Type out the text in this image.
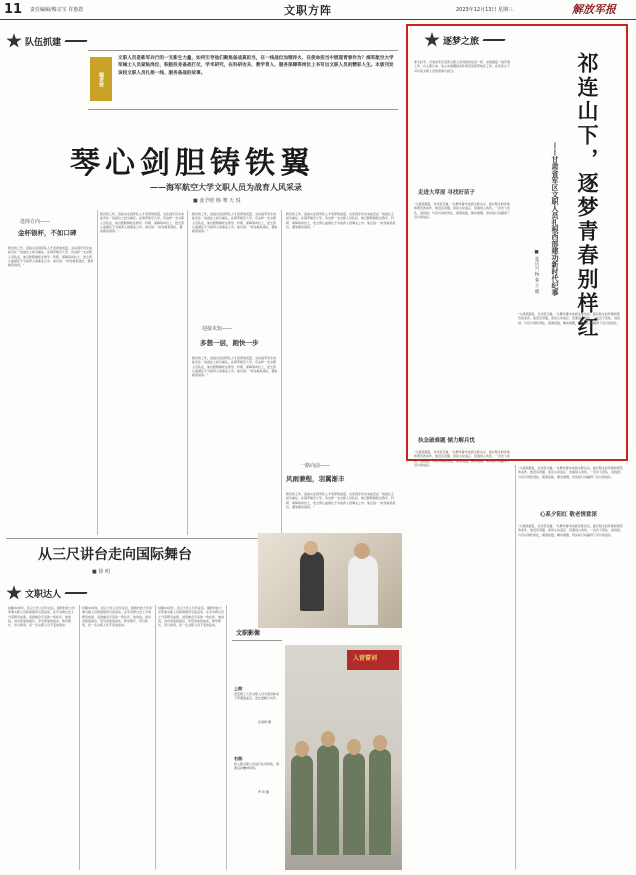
11 责任编辑/蔡宗宝 许惠恩	文职方阵	2023年12月13日 星期三	解放军报
队伍抓建
编者按
文职人员是新军兵行的一支新生力量，如何引导他们聚焦备战真担当，在一线战位加钢淬火、在使命担当中展现青春作为？海军航空大学军械士人员紧贴岗位，积极投身备战打仗、学术研究，在科研攻关、教学育人、服务保障等岗位上书写出文职人员的精彩人生。本版刊发该校文职人员扎根一线、服务备战的故事。
琴心剑胆铸铁翼
——海军航空大学文职人员为战育人风采录
■ 姜予晗 杨 骞 天 悦
选择方向——
金杯银杯，不如口碑
教员的工作，直接关系到军队人才培养的质量，关系到学员未来能否在一线战位上担当重任。在海军航空大学，有这样一支文职人员队伍，他们默默耕耘在教学、科研、保障等岗位上，把全部心血倾注于为战育人的事业之中。他们说："讲台就是战位，课堂就是战场。"
教员的工作，直接关系到军队人才培养的质量，关系到学员未来能否在一线战位上担当重任。在海军航空大学，有这样一支文职人员队伍，他们默默耕耘在教学、科研、保障等岗位上，把全部心血倾注于为战育人的事业之中。他们说："讲台就是战位，课堂就是战场。"
教员的工作，直接关系到军队人才培养的质量，关系到学员未来能否在一线战位上担当重任。在海军航空大学，有这样一支文职人员队伍，他们默默耕耘在教学、科研、保障等岗位上，把全部心血倾注于为战育人的事业之中。他们说："讲台就是战位，课堂就是战场。"
迎接未知——
多想一层，跑快一步
教员的工作，直接关系到军队人才培养的质量，关系到学员未来能否在一线战位上担当重任。在海军航空大学，有这样一支文职人员队伍，他们默默耕耘在教学、科研、保障等岗位上，把全部心血倾注于为战育人的事业之中。他们说："讲台就是战位，课堂就是战场。"
教员的工作，直接关系到军队人才培养的质量，关系到学员未来能否在一线战位上担当重任。在海军航空大学，有这样一支文职人员队伍，他们默默耕耘在教学、科研、保障等岗位上，把全部心血倾注于为战育人的事业之中。他们说："讲台就是战位，课堂就是战场。"
一路向前——
风雨兼程，羽翼渐丰
教员的工作，直接关系到军队人才培养的质量，关系到学员未来能否在一线战位上担当重任。在海军航空大学，有这样一支文职人员队伍，他们默默耕耘在教学、科研、保障等岗位上，把全部心血倾注于为战育人的事业之中。他们说："讲台就是战位，课堂就是战场。"
从三尺讲台走向国际舞台
■ 徐 明
文职达人
时隔30余年，武汉大学人员毕业后，国防科技大学军事文职人员积极组织交流活动，在学术研讨会上分享研究成果，受到参会专家的一致好评。他常说，讲台是他的战位，学员是他的战友，教学相长、学以致用，是一名文职人员不变的追求。
时隔30余年，武汉大学人员毕业后，国防科技大学军事文职人员积极组织交流活动，在学术研讨会上分享研究成果，受到参会专家的一致好评。他常说，讲台是他的战位，学员是他的战友，教学相长、学以致用，是一名文职人员不变的追求。
时隔30余年，武汉大学人员毕业后，国防科技大学军事文职人员积极组织交流活动，在学术研讨会上分享研究成果，受到参会专家的一致好评。他常说，讲台是他的战位，学员是他的战友，教学相长、学以致用，是一名文职人员不变的追求。
文职影像
上图：
西安理工大学文职人员为离退休老干部测量血压，送去温暖与关怀。
张胡绣 摄
右图：
新入职文职人员进行队列训练，展现良好精神风貌。
罗 阿 摄
入营誓词
逐梦之旅
寒冬时节，甘肃省军区某部文职人员刘某如往常一样，来到基层一线开展工作。自入职以来，他主动请缨到条件艰苦的西部地区工作，在祁连山下书写着文职人员的青春与担当。	祁连山下，逐梦青春别样红
——甘肃省军区文职人员扎根西部建功新时代纪事
■ 张庆兴 杨 春 王 晓
走进大草原 寻找好苗子
"大漠孤烟直，长河落日圆。"从繁华都市来到戈壁边关，面对陌生的环境和艰苦的条件，他没有退缩，而是主动适应、迅速进入角色。一次次下连队、进班排，与官兵同吃同住，摸清底数，解决难题，用实际行动赢得了官兵的信任。
"大漠孤烟直，长河落日圆。"从繁华都市来到戈壁边关，面对陌生的环境和艰苦的条件，他没有退缩，而是主动适应、迅速进入角色。一次次下连队、进班排，与官兵同吃同住，摸清底数，解决难题，用实际行动赢得了官兵的信任。
执念破难题 倾力解兵忧
"大漠孤烟直，长河落日圆。"从繁华都市来到戈壁边关，面对陌生的环境和艰苦的条件，他没有退缩，而是主动适应、迅速进入角色。一次次下连队、进班排，与官兵同吃同住，摸清底数，解决难题，用实际行动赢得了官兵的信任。
"大漠孤烟直，长河落日圆。"从繁华都市来到戈壁边关，面对陌生的环境和艰苦的条件，他没有退缩，而是主动适应、迅速进入角色。一次次下连队、进班排，与官兵同吃同住，摸清底数，解决难题，用实际行动赢得了官兵的信任。
心系夕阳红 敬老情意深
"大漠孤烟直，长河落日圆。"从繁华都市来到戈壁边关，面对陌生的环境和艰苦的条件，他没有退缩，而是主动适应、迅速进入角色。一次次下连队、进班排，与官兵同吃同住，摸清底数，解决难题，用实际行动赢得了官兵的信任。
